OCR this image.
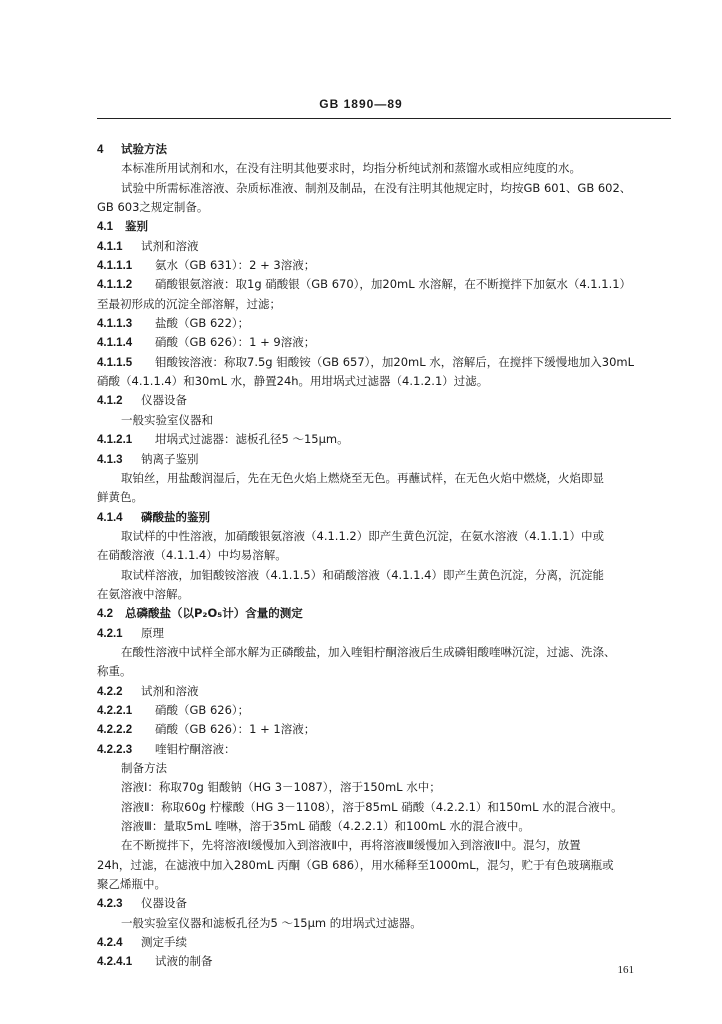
GB 1890—89
4 试验方法
本标准所用试剂和水，在没有注明其他要求时，均指分析纯试剂和蒸馏水或相应纯度的水。
试验中所需标准溶液、杂质标准液、制剂及制品，在没有注明其他规定时，均按GB 601、GB 602、
GB 603之规定制备。
4.1 鉴别
4.1.1 试剂和溶液
4.1.1.1 氨水（GB 631）：2 + 3溶液；
4.1.1.2 硝酸银氨溶液：取1g 硝酸银（GB 670），加20mL 水溶解，在不断搅拌下加氨水（4.1.1.1）
至最初形成的沉淀全部溶解，过滤；
4.1.1.3 盐酸（GB 622）；
4.1.1.4 硝酸（GB 626）：1 + 9溶液；
4.1.1.5 钼酸铵溶液：称取7.5g 钼酸铵（GB 657），加20mL 水，溶解后，在搅拌下缓慢地加入30mL
硝酸（4.1.1.4）和30mL 水，静置24h。用坩埚式过滤器（4.1.2.1）过滤。
4.1.2 仪器设备
一般实验室仪器和
4.1.2.1 坩埚式过滤器：滤板孔径5 ～15μm。
4.1.3 钠离子鉴别
取铂丝，用盐酸润湿后，先在无色火焰上燃烧至无色。再蘸试样，在无色火焰中燃烧，火焰即显
鲜黄色。
4.1.4 磷酸盐的鉴别
取试样的中性溶液，加硝酸银氨溶液（4.1.1.2）即产生黄色沉淀，在氨水溶液（4.1.1.1）中或
在硝酸溶液（4.1.1.4）中均易溶解。
取试样溶液，加钼酸铵溶液（4.1.1.5）和硝酸溶液（4.1.1.4）即产生黄色沉淀，分离，沉淀能
在氨溶液中溶解。
4.2 总磷酸盐（以P₂O₅计）含量的测定
4.2.1 原理
在酸性溶液中试样全部水解为正磷酸盐，加入喹钼柠酮溶液后生成磷钼酸喹啉沉淀，过滤、洗涤、
称重。
4.2.2 试剂和溶液
4.2.2.1 硝酸（GB 626）；
4.2.2.2 硝酸（GB 626）：1 + 1溶液；
4.2.2.3 喹钼柠酮溶液：
制备方法
溶液Ⅰ：称取70g 钼酸钠（HG 3－1087），溶于150mL 水中；
溶液Ⅱ：称取60g 柠檬酸（HG 3－1108），溶于85mL 硝酸（4.2.2.1）和150mL 水的混合液中。
溶液Ⅲ：量取5mL 喹啉，溶于35mL 硝酸（4.2.2.1）和100mL 水的混合液中。
在不断搅拌下，先将溶液Ⅰ缓慢加入到溶液Ⅱ中，再将溶液Ⅲ缓慢加入到溶液Ⅱ中。混匀，放置
24h，过滤，在滤液中加入280mL 丙酮（GB 686），用水稀释至1000mL，混匀，贮于有色玻璃瓶或
聚乙烯瓶中。
4.2.3 仪器设备
一般实验室仪器和滤板孔径为5 ～15μm 的坩埚式过滤器。
4.2.4 测定手续
4.2.4.1 试液的制备
161
